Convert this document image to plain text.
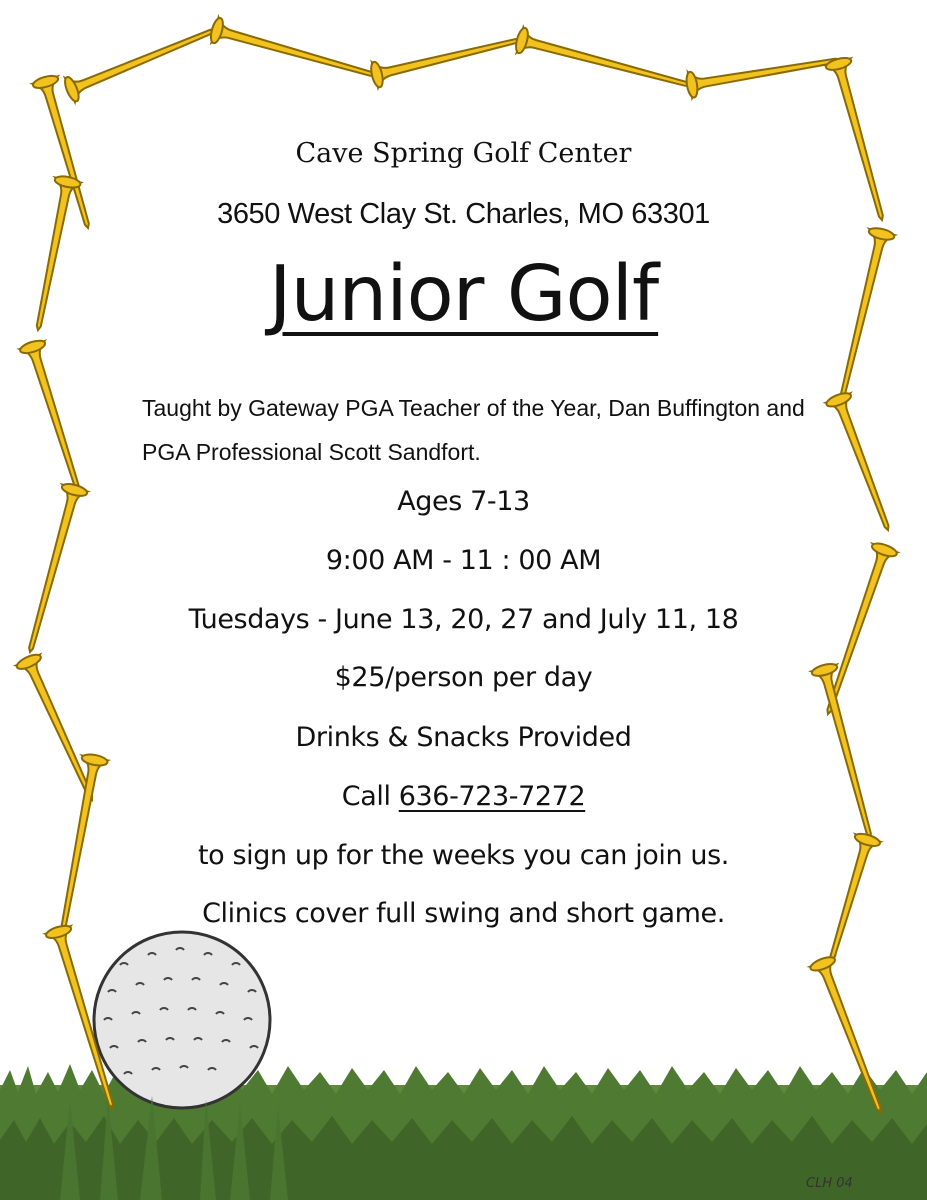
Cave Spring Golf Center
3650 West Clay St. Charles, MO 63301
Junior Golf
Taught by Gateway PGA Teacher of the Year, Dan Buffington and PGA Professional Scott Sandfort.
Ages 7-13
9:00 AM - 11 : 00 AM
Tuesdays - June 13, 20, 27 and July 11, 18
$25/person per day
Drinks & Snacks Provided
Call 636-723-7272
to sign up for the weeks you can join us.
Clinics cover full swing and short game.
CLH 04
